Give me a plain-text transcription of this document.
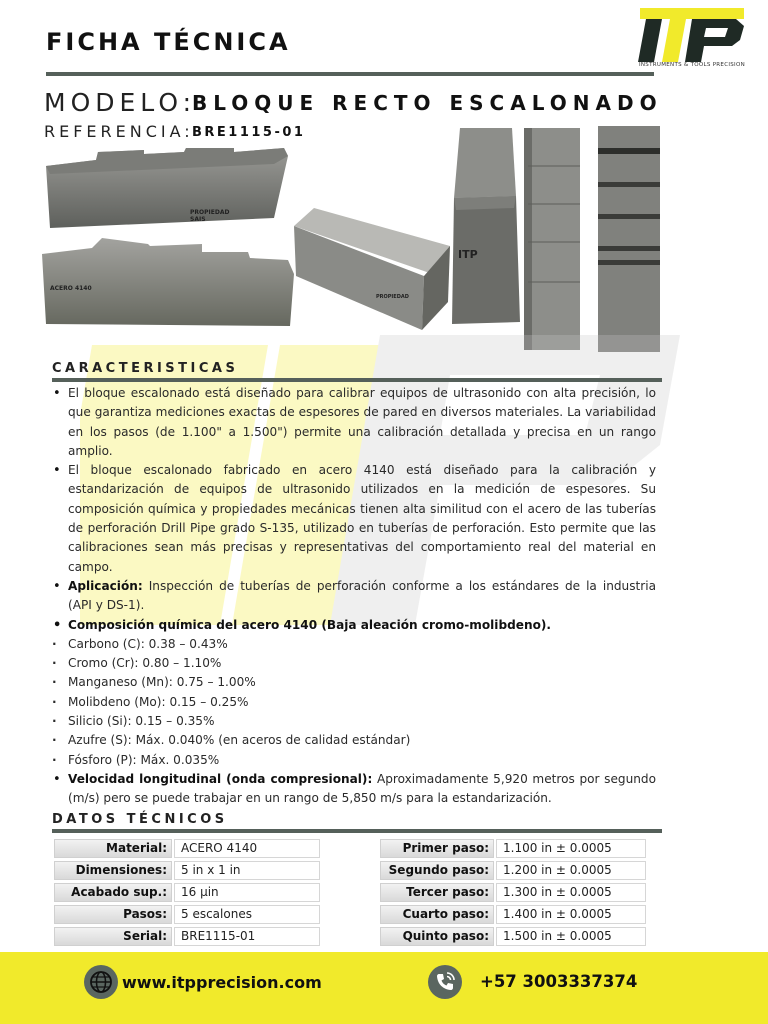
FICHA TÉCNICA
INSTRUMENTS & TOOLS PRECISION
MODELO:
BLOQUE RECTO ESCALONADO
REFERENCIA:
BRE1115-01
PROPIEDAD
SAIS
ACERO 4140
PROPIEDAD
ITP
CARACTERISTICAS

• El bloque escalonado está diseñado para calibrar equipos de ultrasonido con alta precisión, lo que garantiza mediciones exactas de espesores de pared en diversos materiales. La variabilidad en los pasos (de 1.100" a 1.500") permite una calibración detallada y precisa en un rango amplio.

• El bloque escalonado fabricado en acero 4140 está diseñado para la calibración y estandarización de equipos de ultrasonido utilizados en la medición de espesores. Su composición química y propiedades mecánicas tienen alta similitud con el acero de las tuberías de perforación Drill Pipe grado S-135, utilizado en tuberías de perforación. Esto permite que las calibraciones sean más precisas y representativas del comportamiento real del material en campo.

• Aplicación: Inspección de tuberías de perforación conforme a los estándares de la industria (API y DS-1).

• Composición química del acero 4140 (Baja aleación cromo-molibdeno).

· Carbono (C): 0.38 – 0.43%

· Cromo (Cr): 0.80 – 1.10%

· Manganeso (Mn): 0.75 – 1.00%

· Molibdeno (Mo): 0.15 – 0.25%

· Silicio (Si): 0.15 – 0.35%

· Azufre (S): Máx. 0.040% (en aceros de calidad estándar)

· Fósforo (P): Máx. 0.035%

• Velocidad longitudinal (onda compresional): Aproximadamente 5,920 metros por segundo (m/s) pero se puede trabajar en un rango de 5,850 m/s para la estandarización.

DATOS TÉCNICOS
Material:	ACERO 4140
Dimensiones:	5 in x 1 in
Acabado sup.:	16 µin
Pasos:	5 escalones
Serial:	BRE1115-01
Primer paso:	1.100 in ± 0.0005
Segundo paso:	1.200 in ± 0.0005
Tercer paso:	1.300 in ± 0.0005
Cuarto paso:	1.400 in ± 0.0005
Quinto paso:	1.500 in ± 0.0005
www.itpprecision.com	+57 3003337374
